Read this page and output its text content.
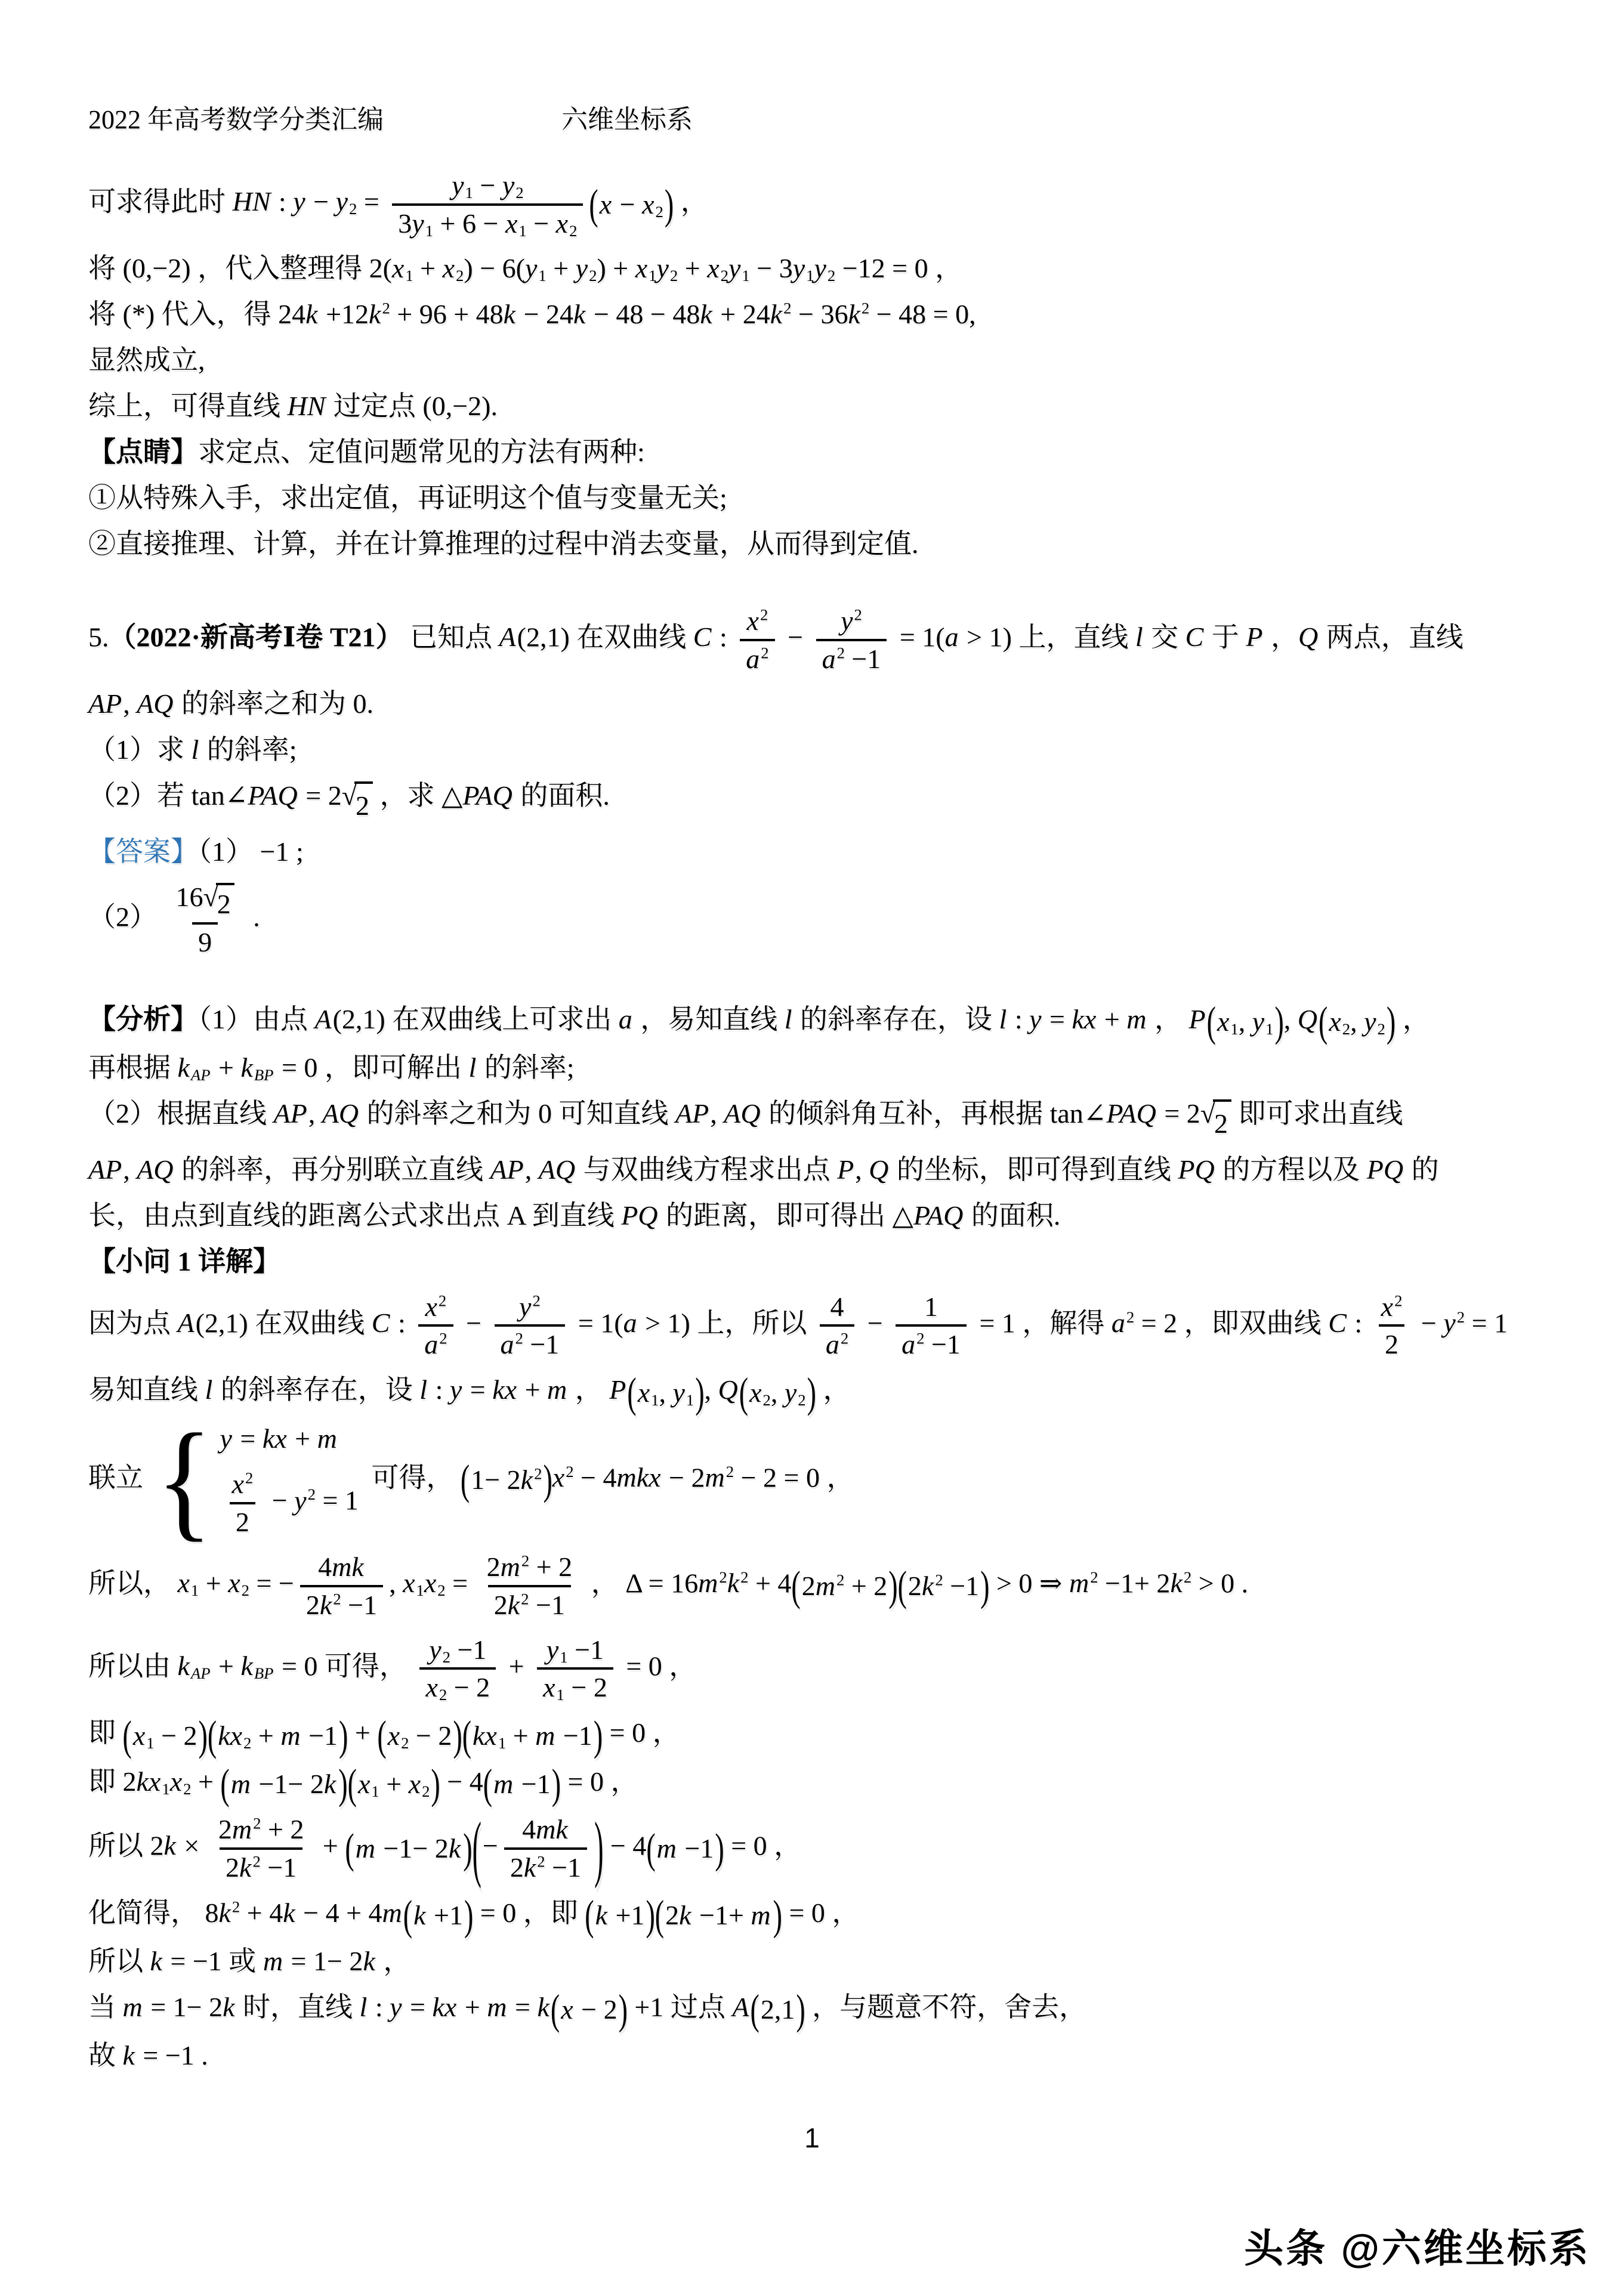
2022 年高考数学分类汇编	六维坐标系
可求得此时 HN : $y - y2 = \frac{y1 - y2}{3y1 + 6 - x1 - x2}$ ( x − x2 ) ，
将 (0,−2) ，代入整理得 2(x1 + x2) − 6(y1 + y2) + x1y2 + x2y1 − 3y1y2 −12 = 0 ，
将 (*) 代入，得 $24k +12k^2 + 96 + 48k - 24k - 48 - 48k + 24k^2 - 36k^2 - 48 = 0$,
显然成立,
综上，可得直线 HN 过定点 (0,−2).
【点睛】求定点、定值问题常见的方法有两种:
①从特殊入手，求出定值，再证明这个值与变量无关;
②直接推理、计算，并在计算推理的过程中消去变量，从而得到定值.
5.（2022·新高考Ⅰ卷 T21） 已知点 A(2,1) 在双曲线 C : $\frac{x^2}{a^2} - \frac{y^2}{a^2 -1} = 1(a > 1)$ 上，直线 l 交 C 于 P ，Q 两点，直线
AP, AQ 的斜率之和为 0.
（1）求 l 的斜率;
（2）若 tan∠PAQ = 2 √
2 ，求 △PAQ 的面积.
【答案】（1） −1 ;
（2） 16 √
2
9 .
【分析】（1）由点 A(2,1) 在双曲线上可求出 a ，易知直线 l 的斜率存在，设 l : y = kx + m ， P ( x1, y1 ) , Q ( x2, y2 ) ，
再根据 kAP + kBP = 0 ，即可解出 l 的斜率;
（2）根据直线 AP, AQ 的斜率之和为 0 可知直线 AP, AQ 的倾斜角互补，再根据 tan∠PAQ = 2 √
2 即可求出直线
AP, AQ 的斜率，再分别联立直线 AP, AQ 与双曲线方程求出点 P, Q 的坐标，即可得到直线 PQ 的方程以及 PQ 的
长，由点到直线的距离公式求出点 A 到直线 PQ 的距离，即可得出 △PAQ 的面积.
【小问 1 详解】
因为点 A(2,1) 在双曲线 C : $\frac{x^2}{a^2} - \frac{y^2}{a^2 -1} = 1(a > 1)$ 上，所以 $\frac{4}{a^2} - \frac{1}{a^2 -1} = 1$ ，解得 $a^2 = 2$ ，即双曲线 C : $\frac{x^2}{2} - y^2 = 1$
易知直线 l 的斜率存在，设 l : y = kx + m ， P ( x1, y1 ) , Q ( x2, y2 ) ，
联立 { y = kx + m
$\frac{x^2}{2} - y^2 = 1$
可得， ( $1- 2k^2$ ) $x^2 - 4mkx - 2m^2 - 2 = 0$ ，
所以， x1 + x2 = − $\frac{4mk}{2k^2 -1}$ , $x1x2 = \frac{2m^2 + 2}{2k^2 -1}$ ， $\Delta = 16m^2k^2 + 4$ ( $2m^2 + 2$ ) ( $2k^2 -1$ ) > 0 ⇒ $m^2 -1+ 2k^2 > 0$ .
所以由 kAP + kBP = 0 可得， $\frac{y2 -1}{x2 - 2} + \frac{y1 -1}{x1 - 2} = 0$ ，
即 ( x1 − 2 ) ( kx2 + m −1 ) + ( x2 − 2 ) ( kx1 + m −1 ) = 0 ，
即 2kx1x2 + ( m −1− 2k ) ( x1 + x2 ) − 4 ( m −1 ) = 0 ，
所以 $2k \times \frac{2m^2 + 2}{2k^2 -1}$ + ( m −1− 2k ) ( − $\frac{4mk}{2k^2 -1}$ ) − 4 ( m −1 ) = 0 ，
化简得， $8k^2 + 4k - 4 + 4m$ ( k +1 ) = 0 ，即 ( k +1 ) ( 2k −1+ m ) = 0 ，
所以 k = −1 或 m = 1− 2k ，
当 m = 1− 2k 时，直线 l : y = kx + m = k ( x − 2 ) +1 过点 A ( 2,1 ) ，与题意不符，舍去，
故 k = −1 .
1
头条 @六维坐标系
